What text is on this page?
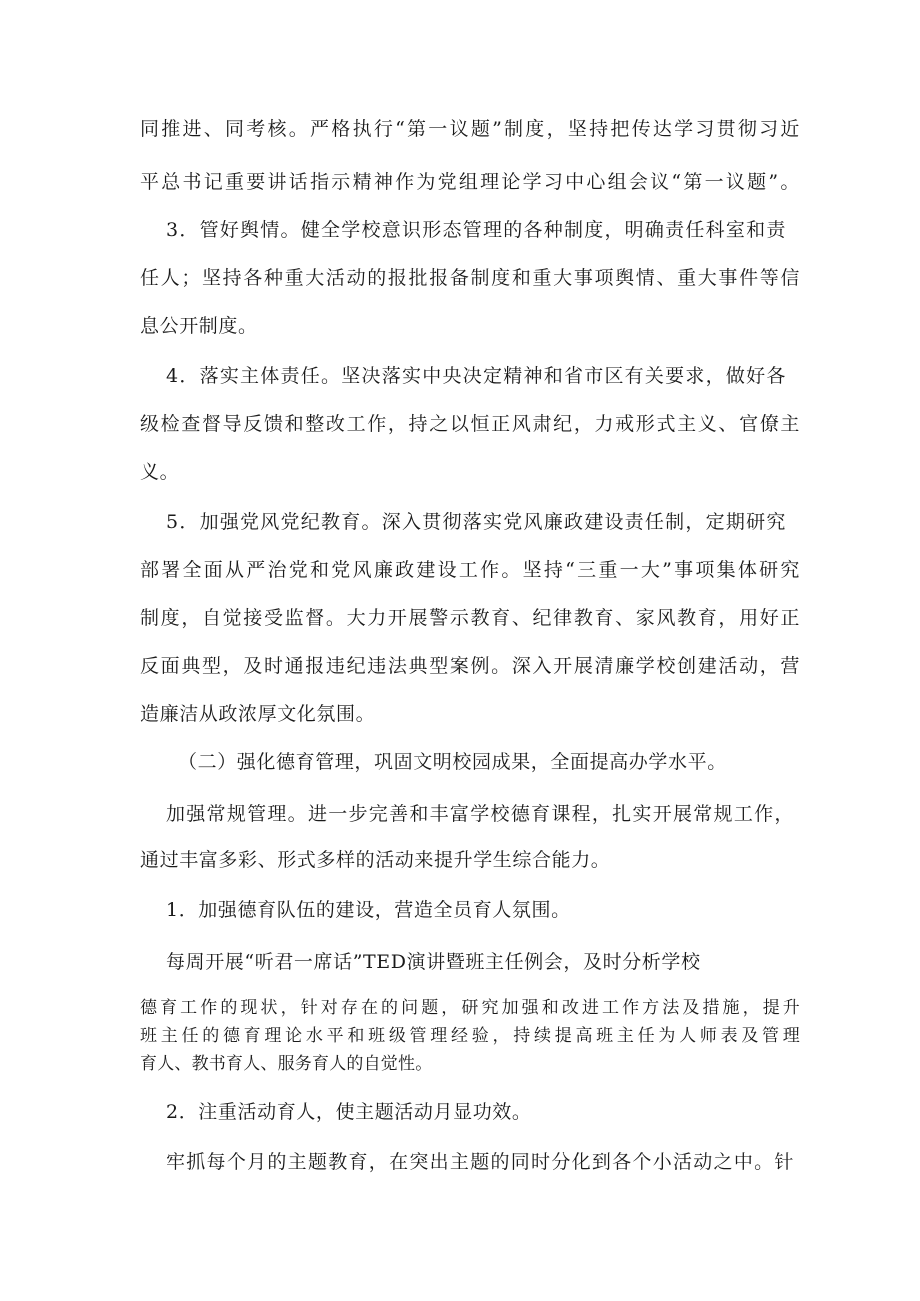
同推进、同考核。严格执行“第一议题”制度，坚持把传达学习贯彻习近
平总书记重要讲话指示精神作为党组理论学习中心组会议“第一议题”。
3．管好舆情。健全学校意识形态管理的各种制度，明确责任科室和责
任人；坚持各种重大活动的报批报备制度和重大事项舆情、重大事件等信
息公开制度。
4．落实主体责任。坚决落实中央决定精神和省市区有关要求，做好各
级检查督导反馈和整改工作，持之以恒正风肃纪，力戒形式主义、官僚主
义。
5．加强党风党纪教育。深入贯彻落实党风廉政建设责任制，定期研究
部署全面从严治党和党风廉政建设工作。坚持“三重一大”事项集体研究
制度，自觉接受监督。大力开展警示教育、纪律教育、家风教育，用好正
反面典型，及时通报违纪违法典型案例。深入开展清廉学校创建活动，营
造廉洁从政浓厚文化氛围。
（二）强化德育管理，巩固文明校园成果，全面提高办学水平。
加强常规管理。进一步完善和丰富学校德育课程，扎实开展常规工作，
通过丰富多彩、形式多样的活动来提升学生综合能力。
1．加强德育队伍的建设，营造全员育人氛围。
每周开展“听君一席话”TED演讲暨班主任例会，及时分析学校
德育工作的现状，针对存在的问题，研究加强和改进工作方法及措施，提升
班主任的德育理论水平和班级管理经验，持续提高班主任为人师表及管理
育人、教书育人、服务育人的自觉性。
2．注重活动育人，使主题活动月显功效。
牢抓每个月的主题教育，在突出主题的同时分化到各个小活动之中。针
